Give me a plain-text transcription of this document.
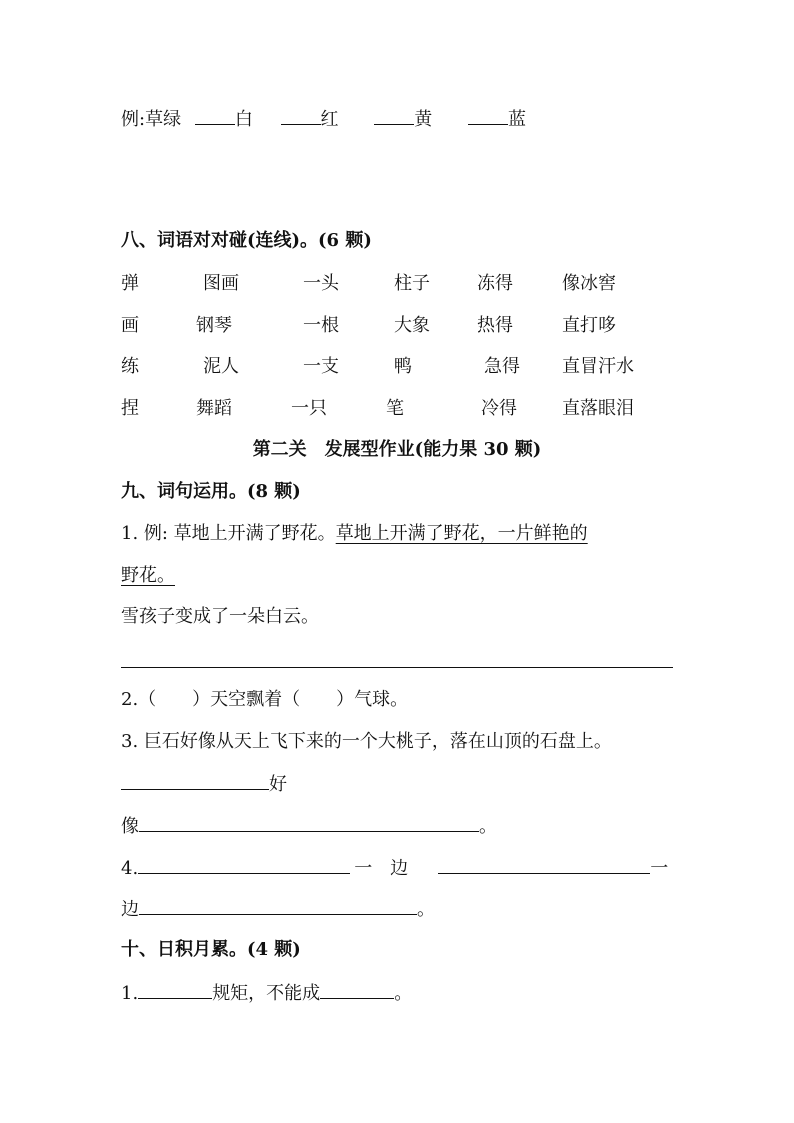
例:草绿	白	红	黄	蓝
八、词语对对碰(连线)。(6 颗)
弹	图画	一头	柱子	冻得	像冰窖
画	钢琴	一根	大象	热得	直打哆
练	泥人	一支	鸭	急得 直冒汗水
捏	舞蹈	一只	笔	冷得	直落眼泪
第二关　发展型作业(能力果 30 颗)
九、词句运用。(8 颗)
1. 例: 草地上开满了野花。草地上开满了野花，一片鲜艳的
野花。
雪孩子变成了一朵白云。
2.（　　）天空飘着（　　）气球。
3. 巨石好像从天上飞下来的一个大桃子，落在山顶的石盘上。
好
像	。
4.	一　边	一
边	。
十、日积月累。(4 颗)
1.	规矩，不能成	。
